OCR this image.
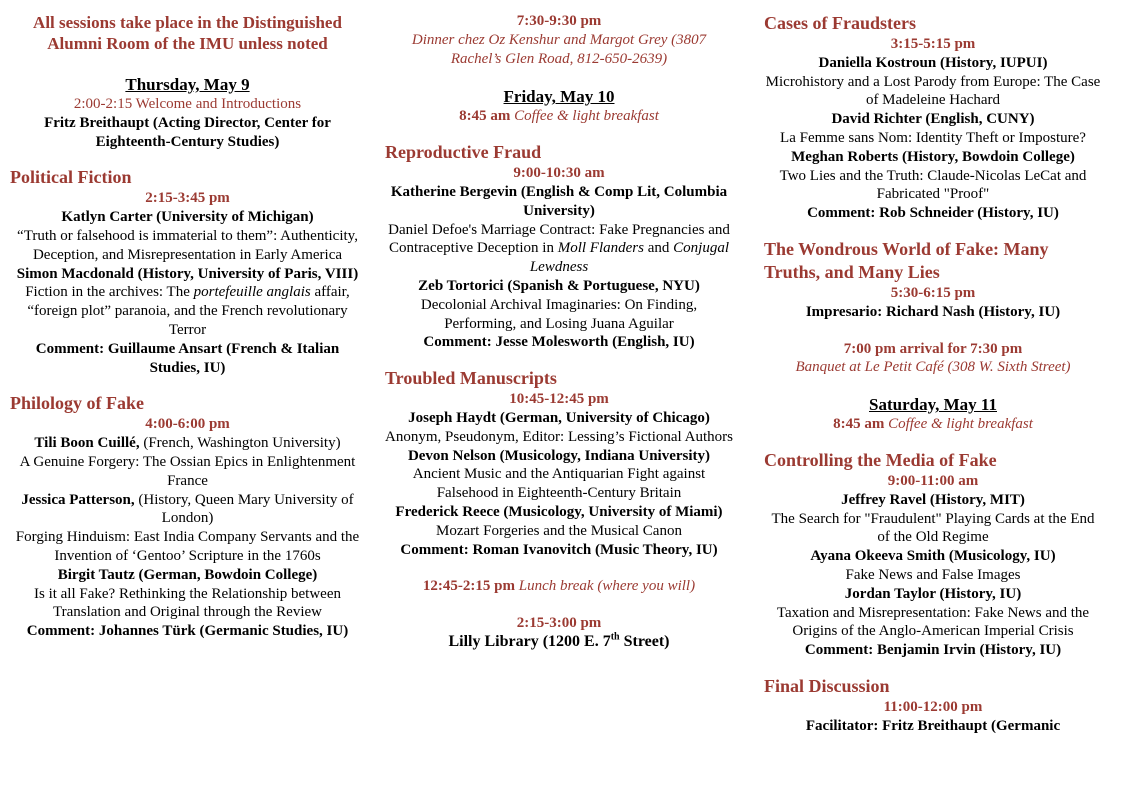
All sessions take place in the Distinguished Alumni Room of the IMU unless noted
Thursday, May 9
2:00-2:15 Welcome and Introductions
Fritz Breithaupt (Acting Director, Center for Eighteenth-Century Studies)
Political Fiction
2:15-3:45 pm
Katlyn Carter (University of Michigan)
“Truth or falsehood is immaterial to them”: Authenticity, Deception, and Misrepresentation in Early America
Simon Macdonald (History, University of Paris, VIII)
Fiction in the archives: The portefeuille anglais affair, “foreign plot” paranoia, and the French revolutionary Terror
Comment: Guillaume Ansart (French & Italian Studies, IU)
Philology of Fake
4:00-6:00 pm
Tili Boon Cuillé, (French, Washington University)
A Genuine Forgery: The Ossian Epics in Enlightenment France
Jessica Patterson, (History, Queen Mary University of London)
Forging Hinduism: East India Company Servants and the Invention of ‘Gentoo’ Scripture in the 1760s
Birgit Tautz (German, Bowdoin College)
Is it all Fake? Rethinking the Relationship between Translation and Original through the Review
Comment: Johannes Türk (Germanic Studies, IU)
7:30-9:30 pm
Dinner chez Oz Kenshur and Margot Grey (3807 Rachel’s Glen Road, 812-650-2639)
Friday, May 10
8:45 am Coffee & light breakfast
Reproductive Fraud
9:00-10:30 am
Katherine Bergevin (English & Comp Lit, Columbia University)
Daniel Defoe's Marriage Contract: Fake Pregnancies and Contraceptive Deception in Moll Flanders and Conjugal Lewdness
Zeb Tortorici (Spanish & Portuguese, NYU)
Decolonial Archival Imaginaries: On Finding, Performing, and Losing Juana Aguilar
Comment: Jesse Molesworth (English, IU)
Troubled Manuscripts
10:45-12:45 pm
Joseph Haydt (German, University of Chicago)
Anonym, Pseudonym, Editor: Lessing’s Fictional Authors
Devon Nelson (Musicology, Indiana University)
Ancient Music and the Antiquarian Fight against Falsehood in Eighteenth-Century Britain
Frederick Reece (Musicology, University of Miami)
Mozart Forgeries and the Musical Canon
Comment: Roman Ivanovitch (Music Theory, IU)
12:45-2:15 pm Lunch break (where you will)
2:15-3:00 pm
Lilly Library (1200 E. 7th Street)
Cases of Fraudsters
3:15-5:15 pm
Daniella Kostroun (History, IUPUI)
Microhistory and a Lost Parody from Europe: The Case of Madeleine Hachard
David Richter (English, CUNY)
La Femme sans Nom: Identity Theft or Imposture?
Meghan Roberts (History, Bowdoin College)
Two Lies and the Truth: Claude-Nicolas LeCat and Fabricated "Proof"
Comment: Rob Schneider (History, IU)
The Wondrous World of Fake: Many Truths, and Many Lies
5:30-6:15 pm
Impresario: Richard Nash (History, IU)
7:00 pm arrival for 7:30 pm
Banquet at Le Petit Café (308 W. Sixth Street)
Saturday, May 11
8:45 am Coffee & light breakfast
Controlling the Media of Fake
9:00-11:00 am
Jeffrey Ravel (History, MIT)
The Search for "Fraudulent" Playing Cards at the End of the Old Regime
Ayana Okeeva Smith (Musicology, IU)
Fake News and False Images
Jordan Taylor (History, IU)
Taxation and Misrepresentation: Fake News and the Origins of the Anglo-American Imperial Crisis
Comment: Benjamin Irvin (History, IU)
Final Discussion
11:00-12:00 pm
Facilitator: Fritz Breithaupt (Germanic
